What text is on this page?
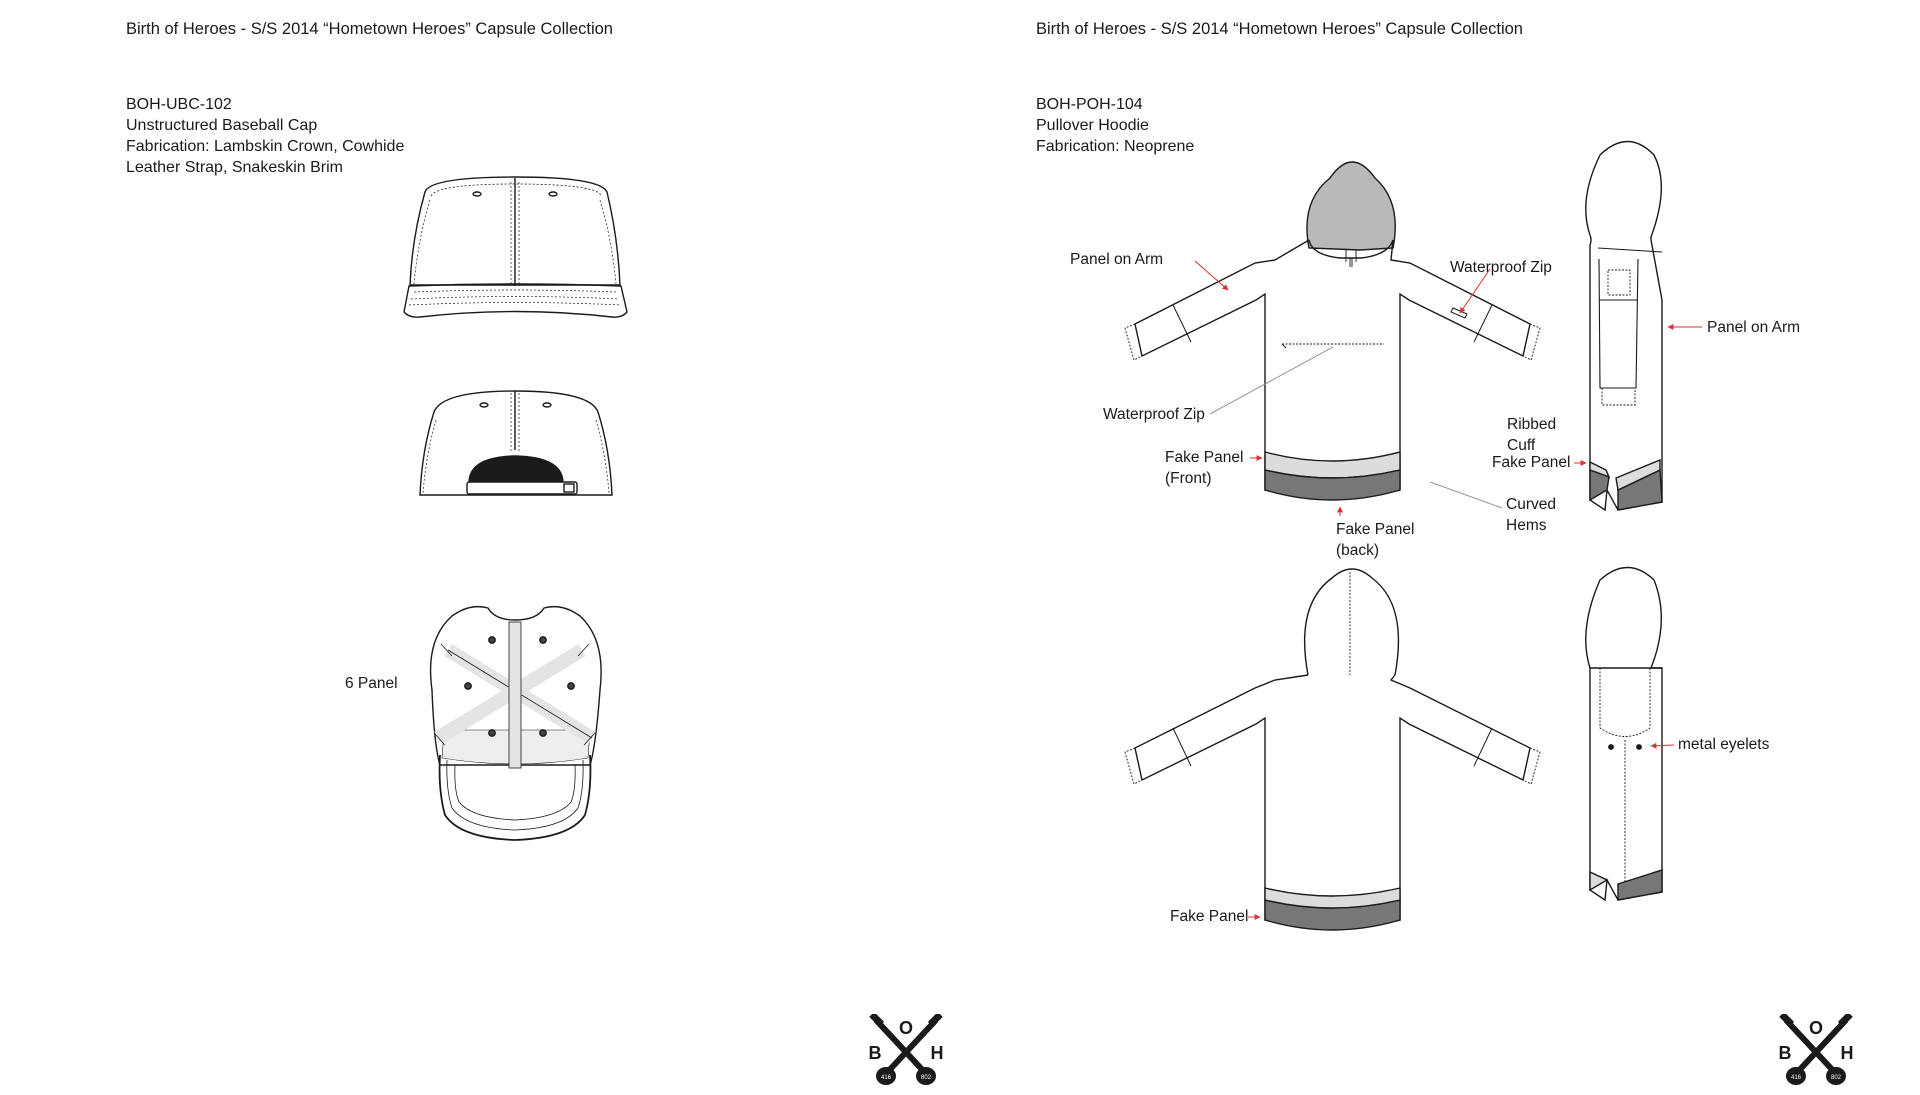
Birth of Heroes - S/S 2014 “Hometown Heroes” Capsule Collection
BOH-UBC-102
Unstructured Baseball Cap
Fabrication: Lambskin Crown, Cowhide
Leather Strap, Snakeskin Brim
6 Panel
O
B	H
416	802
Birth of Heroes - S/S 2014 “Hometown Heroes” Capsule Collection
BOH-POH-104
Pullover Hoodie
Fabrication: Neoprene
Panel on Arm	Waterproof Zip
Waterproof Zip
Fake Panel
(Front)
Fake Panel
(back)
Curved
Hems
Panel on Arm
Ribbed
Cuff
Fake Panel
Fake Panel
metal eyelets
O
B	H
416	802
